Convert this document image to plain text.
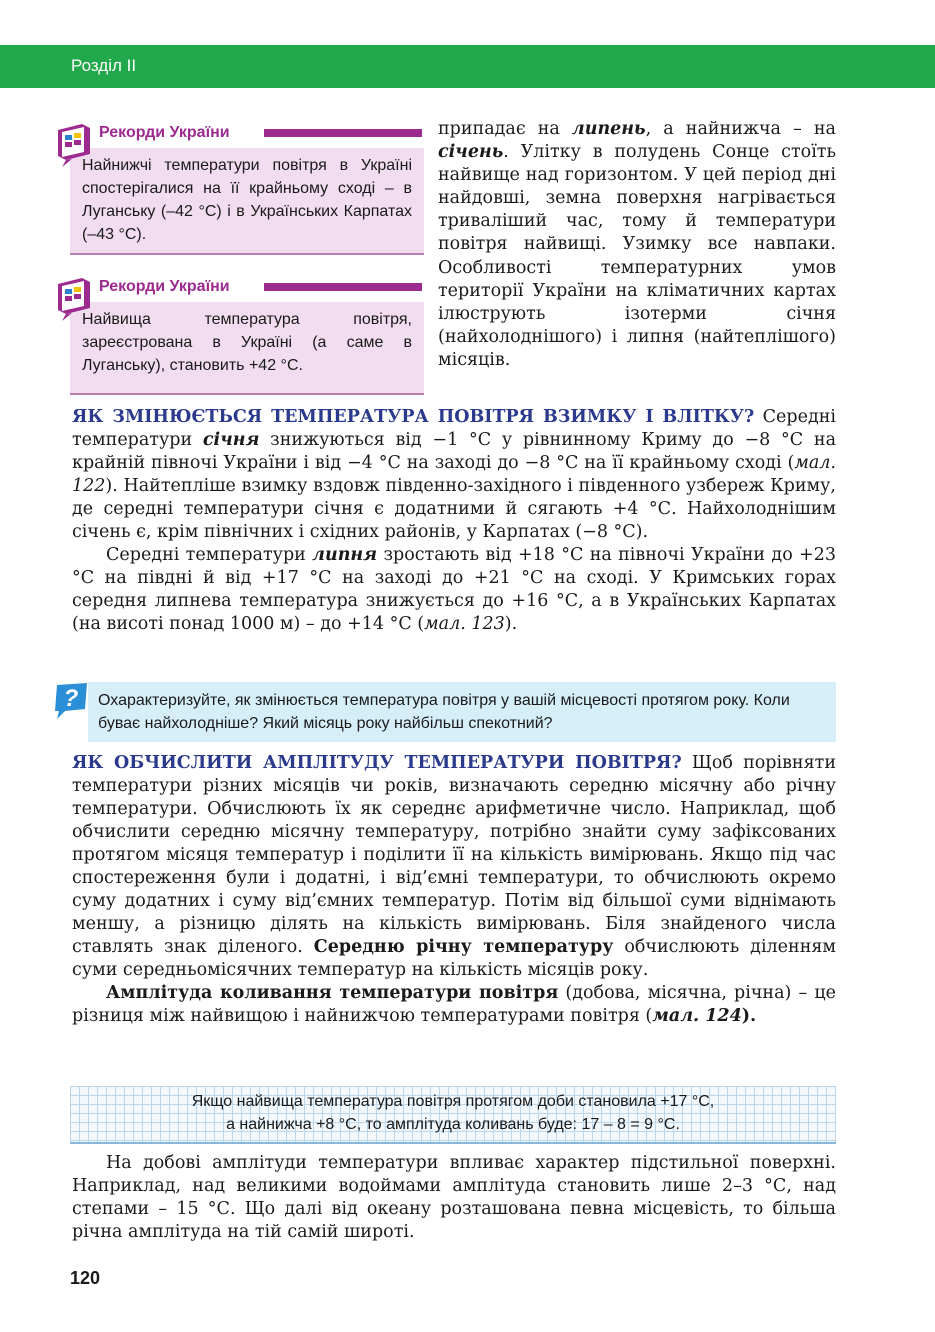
Розділ ІІ
Рекорди України
Найнижчі температури повітря в Україні спостерігалися на її крайньому сході – в Луганську (–42 °С) і в Українських Карпатах (–43 °С).
Рекорди України
Найвища температура повітря, зареєстрована в Україні (а саме в Луганську), становить +42 °С.
припадає на липень, а найнижча – на січень. Улітку в полудень Сонце стоїть найвище над горизонтом. У цей період дні найдовші, земна поверхня нагрівається триваліший час, тому й температури повітря найвищі. Узимку все навпаки. Особливості температурних умов території України на кліматичних картах ілюструють ізотерми січня (найхолоднішого) і липня (найтеплішого) місяців.

ЯК ЗМІНЮЄТЬСЯ ТЕМПЕРАТУРА ПОВІТРЯ ВЗИМКУ І ВЛІТКУ? Середні температури січня знижуються від −1 °С у рівнинному Криму до −8 °С на крайній півночі України і від −4 °С на заході до −8 °С на її крайньому сході (мал. 122). Найтепліше взимку вздовж південно-західного і південного узбереж Криму, де середні температури січня є додатними й сягають +4 °С. Найхолоднішим січень є, крім північних і східних районів, у Карпатах (−8 °С).

Середні температури липня зростають від +18 °С на півночі України до +23 °С на півдні й від +17 °С на заході до +21 °С на сході. У Кримських горах середня липнева температура знижується до +16 °С, а в Українських Карпатах (на висоті понад 1000 м) – до +14 °С (мал. 123).

? Охарактеризуйте, як змінюється температура повітря у вашій місцевості протягом року. Коли буває найхолодніше? Який місяць року найбільш спекотний?

ЯК ОБЧИСЛИТИ АМПЛІТУДУ ТЕМПЕРАТУРИ ПОВІТРЯ? Щоб порівняти температури різних місяців чи років, визначають середню місячну або річну температури. Обчислюють їх як середнє арифметичне число. Наприклад, щоб обчислити середню місячну температуру, потрібно знайти суму зафіксованих протягом місяця температур і поділити її на кількість вимірювань. Якщо під час спостереження були і додатні, і від’ємні температури, то обчислюють окремо суму додатних і суму від’ємних температур. Потім від більшої суми віднімають меншу, а різницю ділять на кількість вимірювань. Біля знайденого числа ставлять знак діленого. Середню річну температуру обчислюють діленням суми середньомісячних температур на кількість місяців року.

Амплітуда коливання температури повітря (добова, місячна, річна) – це різниця між найвищою і найнижчою температурами повітря (мал. 124).

Якщо найвища температура повітря протягом доби становила +17 °С,
а найнижча +8 °С, то амплітуда коливань буде: 17 – 8 = 9 °С.

На добові амплітуди температури впливає характер підстильної поверхні. Наприклад, над великими водоймами амплітуда становить лише 2–3 °С, над степами – 15 °С. Що далі від океану розташована певна місцевість, то більша річна амплітуда на тій самій широті.

120
